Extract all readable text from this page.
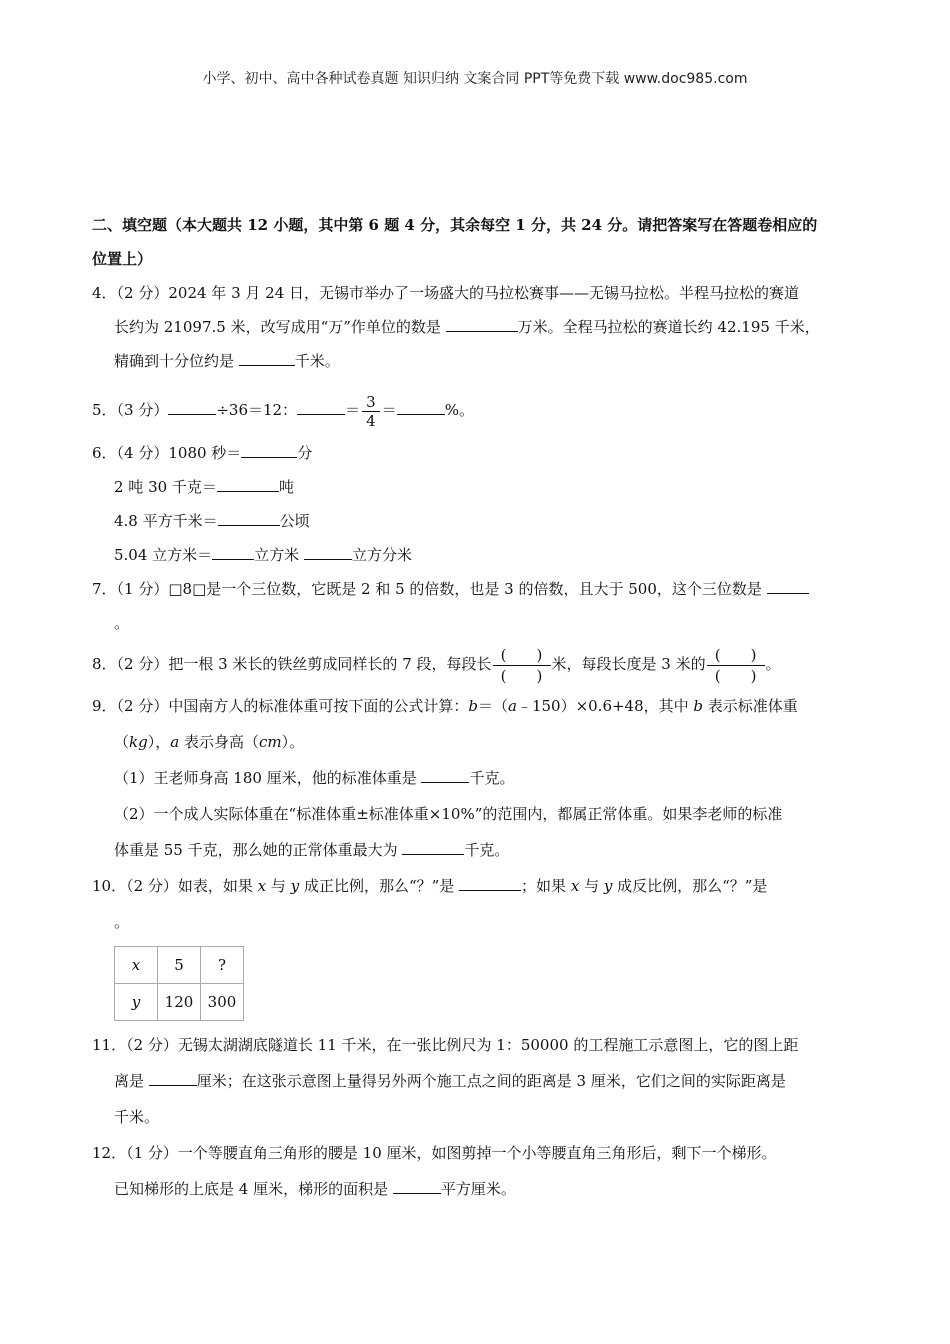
小学、初中、高中各种试卷真题 知识归纳 文案合同 PPT等免费下载 www.doc985.com
二、填空题（本大题共 12 小题，其中第 6 题 4 分，其余每空 1 分，共 24 分。请把答案写在答题卷相应的
位置上）
4．（2 分）2024 年 3 月 24 日，无锡市举办了一场盛大的马拉松赛事——无锡马拉松。半程马拉松的赛道
长约为 21097.5 米，改写成用“万”作单位的数是	万米。全程马拉松的赛道长约 42.195 千米，
精确到十分位约是	千米。
5．（3 分）	÷36＝12：	＝ $\frac{3}{4}$ ＝	%。
6．（4 分）1080 秒＝	分
2 吨 30 千克＝	吨
4.8 平方千米＝	公顷
5.04 立方米＝	立方米	立方分米
7．（1 分）□8□是一个三位数，它既是 2 和 5 的倍数，也是 3 的倍数，且大于 500，这个三位数是
。
8．（2 分）把一根 3 米长的铁丝剪成同样长的 7 段，每段长
(　　)
(　　)
米，每段长度是 3 米的
(　　)
(　　)
。
9．（2 分）中国南方人的标准体重可按下面的公式计算：b＝（a﹣150）×0.6+48，其中 b 表示标准体重
（kg），a 表示身高（cm）。
（1）王老师身高 180 厘米，他的标准体重是	千克。
（2）一个成人实际体重在“标准体重±标准体重×10%”的范围内，都属正常体重。如果李老师的标准
体重是 55 千克，那么她的正常体重最大为	千克。
10．（2 分）如表，如果 x 与 y 成正比例，那么“？”是	；如果 x 与 y 成反比例，那么“？”是
。
x	5	?
y	120	300
11．（2 分）无锡太湖湖底隧道长 11 千米，在一张比例尺为 1：50000 的工程施工示意图上，它的图上距
离是	厘米；在这张示意图上量得另外两个施工点之间的距离是 3 厘米，它们之间的实际距离是
千米。
12．（1 分）一个等腰直角三角形的腰是 10 厘米，如图剪掉一个小等腰直角三角形后，剩下一个梯形。
已知梯形的上底是 4 厘米，梯形的面积是	平方厘米。
